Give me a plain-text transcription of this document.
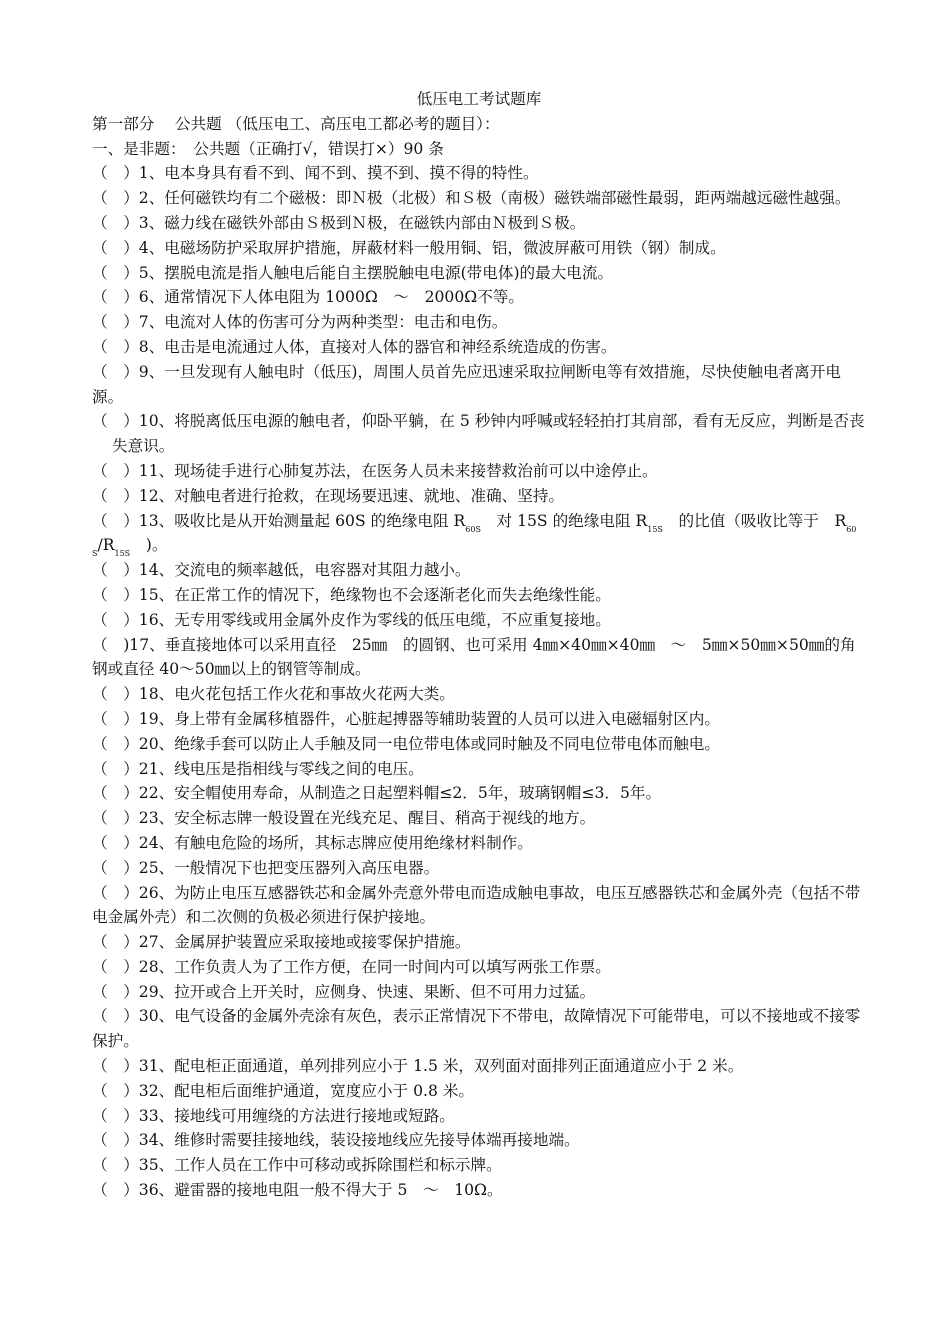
低压电工考试题库

第一部分　 公共题 （低压电工、高压电工都必考的题目）：

一、是非题：　公共题（正确打√，错误打×）90 条

（　）1、电本身具有看不到、闻不到、摸不到、摸不得的特性。

（　）2、任何磁铁均有二个磁极：即Ｎ极（北极）和Ｓ极（南极）磁铁端部磁性最弱，距两端越远磁性越强。

（　）3、磁力线在磁铁外部由Ｓ极到Ｎ极，在磁铁内部由Ｎ极到Ｓ极。

（　）4、电磁场防护采取屏护措施，屏蔽材料一般用铜、铝，微波屏蔽可用铁（钢）制成。

（　）5、摆脱电流是指人触电后能自主摆脱触电电源(带电体)的最大电流。

（　）6、通常情况下人体电阻为 1000Ω　～　2000Ω不等。

（　）7、电流对人体的伤害可分为两种类型：电击和电伤。

（　）8、电击是电流通过人体，直接对人体的器官和神经系统造成的伤害。

（　）9、一旦发现有人触电时（低压)，周围人员首先应迅速采取拉闸断电等有效措施，尽快使触电者离开电源。

（　）10、将脱离低压电源的触电者，仰卧平躺，在 5 秒钟内呼喊或轻轻拍打其肩部，看有无反应，判断是否丧失意识。

（　）11、现场徒手进行心肺复苏法，在医务人员未来接替救治前可以中途停止。

（　）12、对触电者进行抢救，在现场要迅速、就地、准确、坚持。

（　）13、吸收比是从开始测量起 60S 的绝缘电阻 $R_{60S}$　对 15S 的绝缘电阻 $R_{15S}$　的比值（吸收比等于　$R_{60S}/R_{15S}$　)。

（　）14、交流电的频率越低，电容器对其阻力越小。

（　）15、在正常工作的情况下，绝缘物也不会逐渐老化而失去绝缘性能。

（　）16、无专用零线或用金属外皮作为零线的低压电缆，不应重复接地。

（　)17、垂直接地体可以采用直径　25㎜　的圆钢、也可采用 4㎜×40㎜×40㎜　～　5㎜×50㎜×50㎜的角钢或直径 40～50㎜以上的钢管等制成。

（　）18、电火花包括工作火花和事故火花两大类。

（　）19、身上带有金属移植器件，心脏起搏器等辅助装置的人员可以进入电磁辐射区内。

（　）20、绝缘手套可以防止人手触及同一电位带电体或同时触及不同电位带电体而触电。

（　）21、线电压是指相线与零线之间的电压。

（　）22、安全帽使用寿命，从制造之日起塑料帽≤2．5年，玻璃钢帽≤3．5年。

（　）23、安全标志牌一般设置在光线充足、醒目、稍高于视线的地方。

（　）24、有触电危险的场所，其标志牌应使用绝缘材料制作。

（　）25、一般情况下也把变压器列入高压电器。

（　）26、为防止电压互感器铁芯和金属外壳意外带电而造成触电事故，电压互感器铁芯和金属外壳（包括不带电金属外壳）和二次侧的负极必须进行保护接地。

（　）27、金属屏护装置应采取接地或接零保护措施。

（　）28、工作负责人为了工作方便，在同一时间内可以填写两张工作票。

（　）29、拉开或合上开关时，应侧身、快速、果断、但不可用力过猛。

（　）30、电气设备的金属外壳涂有灰色，表示正常情况下不带电，故障情况下可能带电，可以不接地或不接零保护。

（　）31、配电柜正面通道，单列排列应小于 1.5 米，双列面对面排列正面通道应小于 2 米。

（　）32、配电柜后面维护通道，宽度应小于 0.8 米。

（　）33、接地线可用缠绕的方法进行接地或短路。

（　）34、维修时需要挂接地线，装设接地线应先接导体端再接地端。

（　）35、工作人员在工作中可移动或拆除围栏和标示牌。

（　）36、避雷器的接地电阻一般不得大于 5　～　10Ω。
